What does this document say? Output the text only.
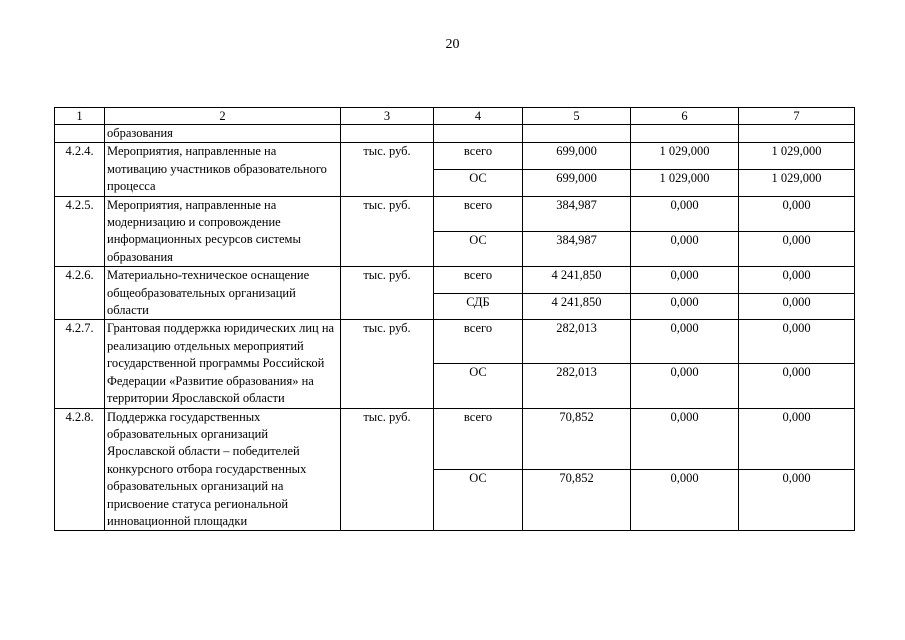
20
1	2	3	4	5	6	7
	образования					
4.2.4.	Мероприятия, направленные на мотивацию участников образовательного процесса	тыс. руб.	всего	699,000	1 029,000	1 029,000
			ОС	699,000	1 029,000	1 029,000
4.2.5.	Мероприятия, направленные на модернизацию и сопровождение информационных ресурсов системы образования	тыс. руб.	всего	384,987	0,000	0,000
			ОС	384,987	0,000	0,000
4.2.6.	Материально-техническое оснащение общеобразовательных организаций области	тыс. руб.	всего	4 241,850	0,000	0,000
			СДБ	4 241,850	0,000	0,000
4.2.7.	Грантовая поддержка юридических лиц на реализацию отдельных мероприятий государственной программы Российской Федерации «Развитие образования» на территории Ярославской области	тыс. руб.	всего	282,013	0,000	0,000
			ОС	282,013	0,000	0,000
4.2.8.	Поддержка государственных образовательных организаций Ярославской области – победителей конкурсного отбора государственных образовательных организаций на присвоение статуса региональной инновационной площадки	тыс. руб.	всего	70,852	0,000	0,000
			ОС	70,852	0,000	0,000
